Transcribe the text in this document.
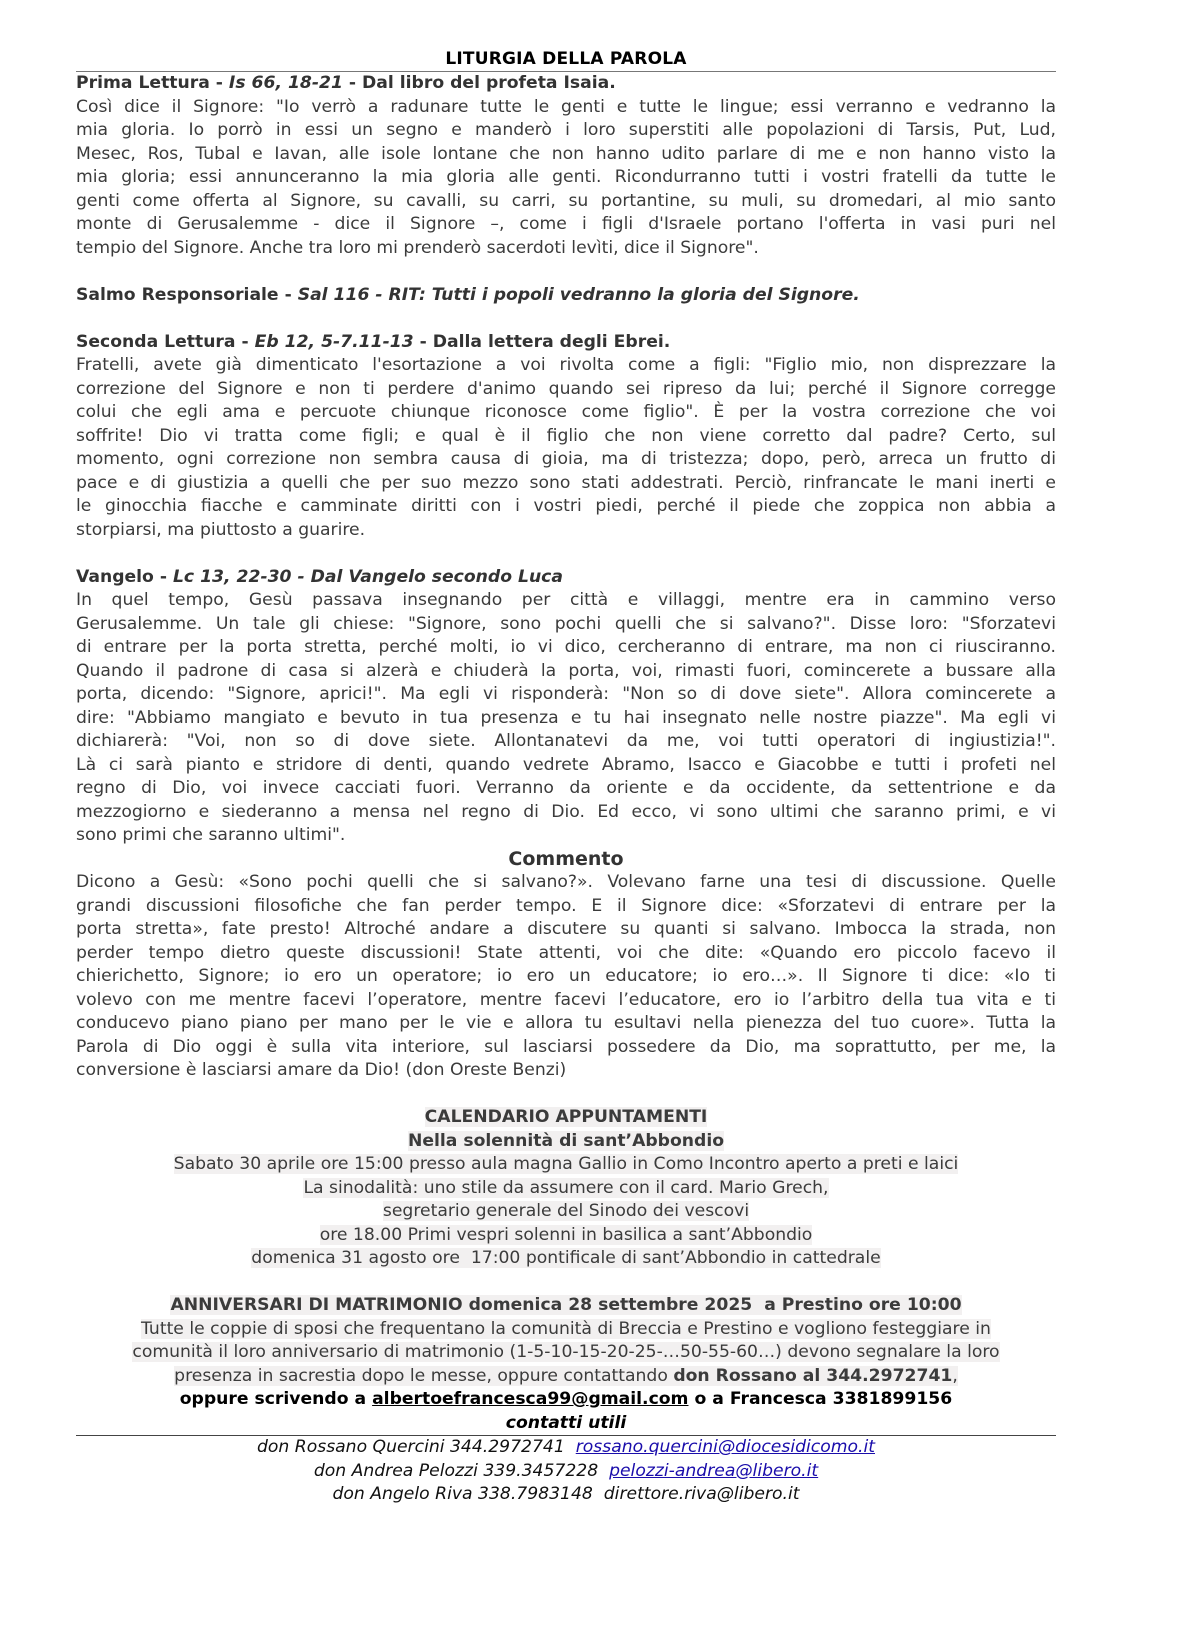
LITURGIA DELLA PAROLA
Prima Lettura - Is 66, 18-21 - Dal libro del profeta Isaia.
Così dice il Signore: "Io verrò a radunare tutte le genti e tutte le lingue; essi verranno e vedranno la
mia gloria. Io porrò in essi un segno e manderò i loro superstiti alle popolazioni di Tarsis, Put, Lud,
Mesec, Ros, Tubal e Iavan, alle isole lontane che non hanno udito parlare di me e non hanno visto la
mia gloria; essi annunceranno la mia gloria alle genti. Ricondurranno tutti i vostri fratelli da tutte le
genti come offerta al Signore, su cavalli, su carri, su portantine, su muli, su dromedari, al mio santo
monte di Gerusalemme - dice il Signore –, come i figli d'Israele portano l'offerta in vasi puri nel
tempio del Signore. Anche tra loro mi prenderò sacerdoti levìti, dice il Signore".
Salmo Responsoriale - Sal 116 - RIT: Tutti i popoli vedranno la gloria del Signore.
Seconda Lettura - Eb 12, 5-7.11-13 - Dalla lettera degli Ebrei.
Fratelli, avete già dimenticato l'esortazione a voi rivolta come a figli: "Figlio mio, non disprezzare la
correzione del Signore e non ti perdere d'animo quando sei ripreso da lui; perché il Signore corregge
colui che egli ama e percuote chiunque riconosce come figlio". È per la vostra correzione che voi
soffrite! Dio vi tratta come figli; e qual è il figlio che non viene corretto dal padre? Certo, sul
momento, ogni correzione non sembra causa di gioia, ma di tristezza; dopo, però, arreca un frutto di
pace e di giustizia a quelli che per suo mezzo sono stati addestrati. Perciò, rinfrancate le mani inerti e
le ginocchia fiacche e camminate diritti con i vostri piedi, perché il piede che zoppica non abbia a
storpiarsi, ma piuttosto a guarire.
Vangelo - Lc 13, 22-30 - Dal Vangelo secondo Luca
In quel tempo, Gesù passava insegnando per città e villaggi, mentre era in cammino verso
Gerusalemme. Un tale gli chiese: "Signore, sono pochi quelli che si salvano?". Disse loro: "Sforzatevi
di entrare per la porta stretta, perché molti, io vi dico, cercheranno di entrare, ma non ci riusciranno.
Quando il padrone di casa si alzerà e chiuderà la porta, voi, rimasti fuori, comincerete a bussare alla
porta, dicendo: "Signore, aprici!". Ma egli vi risponderà: "Non so di dove siete". Allora comincerete a
dire: "Abbiamo mangiato e bevuto in tua presenza e tu hai insegnato nelle nostre piazze". Ma egli vi
dichiarerà: "Voi, non so di dove siete. Allontanatevi da me, voi tutti operatori di ingiustizia!".
Là ci sarà pianto e stridore di denti, quando vedrete Abramo, Isacco e Giacobbe e tutti i profeti nel
regno di Dio, voi invece cacciati fuori. Verranno da oriente e da occidente, da settentrione e da
mezzogiorno e siederanno a mensa nel regno di Dio. Ed ecco, vi sono ultimi che saranno primi, e vi
sono primi che saranno ultimi".
Commento
Dicono a Gesù: «Sono pochi quelli che si salvano?». Volevano farne una tesi di discussione. Quelle
grandi discussioni filosofiche che fan perder tempo. E il Signore dice: «Sforzatevi di entrare per la
porta stretta», fate presto! Altroché andare a discutere su quanti si salvano. Imbocca la strada, non
perder tempo dietro queste discussioni! State attenti, voi che dite: «Quando ero piccolo facevo il
chierichetto, Signore; io ero un operatore; io ero un educatore; io ero…». Il Signore ti dice: «Io ti
volevo con me mentre facevi l’operatore, mentre facevi l’educatore, ero io l’arbitro della tua vita e ti
conducevo piano piano per mano per le vie e allora tu esultavi nella pienezza del tuo cuore». Tutta la
Parola di Dio oggi è sulla vita interiore, sul lasciarsi possedere da Dio, ma soprattutto, per me, la
conversione è lasciarsi amare da Dio! (don Oreste Benzi)
CALENDARIO APPUNTAMENTI
Nella solennità di sant’Abbondio
Sabato 30 aprile ore 15:00 presso aula magna Gallio in Como Incontro aperto a preti e laici
La sinodalità: uno stile da assumere con il card. Mario Grech,
segretario generale del Sinodo dei vescovi
ore 18.00 Primi vespri solenni in basilica a sant’Abbondio
domenica 31 agosto ore  17:00 pontificale di sant’Abbondio in cattedrale
ANNIVERSARI DI MATRIMONIO domenica 28 settembre 2025  a Prestino ore 10:00
Tutte le coppie di sposi che frequentano la comunità di Breccia e Prestino e vogliono festeggiare in
comunità il loro anniversario di matrimonio (1-5-10-15-20-25-…50-55-60…) devono segnalare la loro
presenza in sacrestia dopo le messe, oppure contattando don Rossano al 344.2972741,
oppure scrivendo a albertoefrancesca99@gmail.com o a Francesca 3381899156
contatti utili
don Rossano Quercini 344.2972741  rossano.quercini@diocesidicomo.it
don Andrea Pelozzi 339.3457228  pelozzi-andrea@libero.it
don Angelo Riva 338.7983148  direttore.riva@libero.it
